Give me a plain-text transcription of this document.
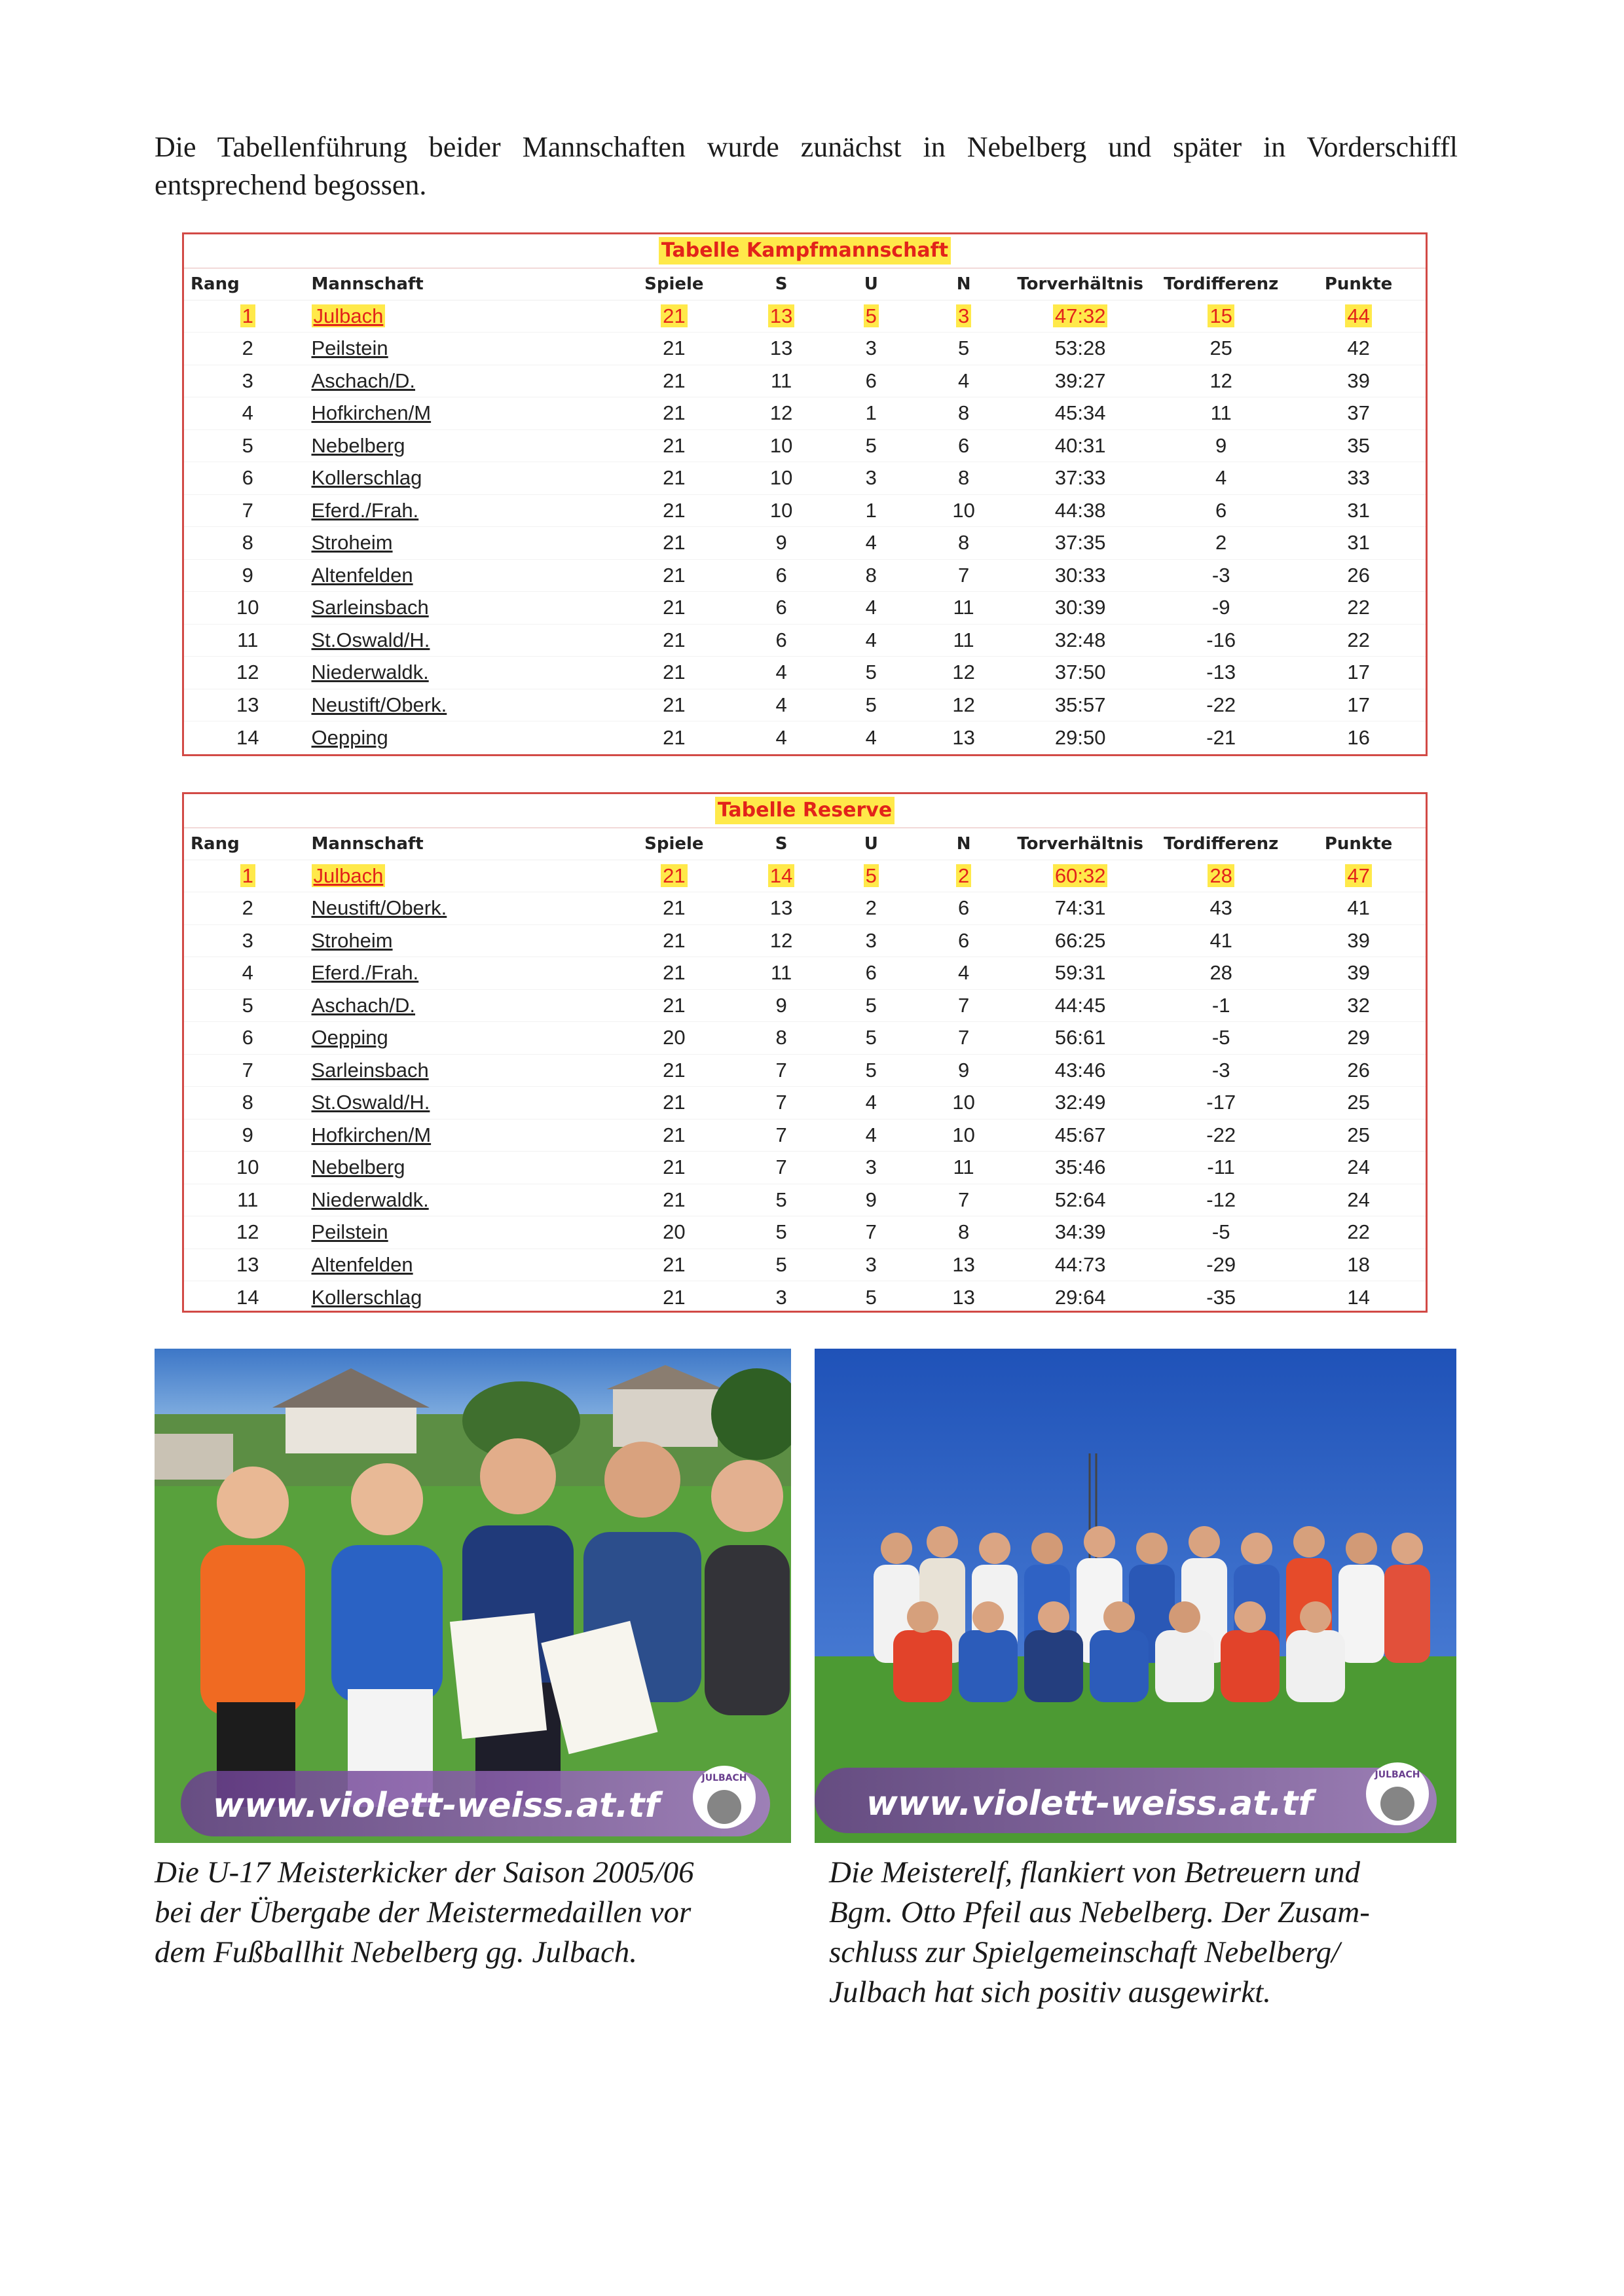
Die Tabellenführung beider Mannschaften wurde zunächst in Nebelberg und später in Vorderschiffl entsprechend begossen.

Tabelle Kampfmannschaft
Rang	Mannschaft	Spiele	S	U	N	Torverhältnis	Tordifferenz	Punkte
1	Julbach	21	13	5	3	47:32	15	44
2	Peilstein	21	13	3	5	53:28	25	42
3	Aschach/D.	21	11	6	4	39:27	12	39
4	Hofkirchen/M	21	12	1	8	45:34	11	37
5	Nebelberg	21	10	5	6	40:31	9	35
6	Kollerschlag	21	10	3	8	37:33	4	33
7	Eferd./Frah.	21	10	1	10	44:38	6	31
8	Stroheim	21	9	4	8	37:35	2	31
9	Altenfelden	21	6	8	7	30:33	-3	26
10	Sarleinsbach	21	6	4	11	30:39	-9	22
11	St.Oswald/H.	21	6	4	11	32:48	-16	22
12	Niederwaldk.	21	4	5	12	37:50	-13	17
13	Neustift/Oberk.	21	4	5	12	35:57	-22	17
14	Oepping	21	4	4	13	29:50	-21	16
Tabelle Reserve
Rang	Mannschaft	Spiele	S	U	N	Torverhältnis	Tordifferenz	Punkte
1	Julbach	21	14	5	2	60:32	28	47
2	Neustift/Oberk.	21	13	2	6	74:31	43	41
3	Stroheim	21	12	3	6	66:25	41	39
4	Eferd./Frah.	21	11	6	4	59:31	28	39
5	Aschach/D.	21	9	5	7	44:45	-1	32
6	Oepping	20	8	5	7	56:61	-5	29
7	Sarleinsbach	21	7	5	9	43:46	-3	26
8	St.Oswald/H.	21	7	4	10	32:49	-17	25
9	Hofkirchen/M	21	7	4	10	45:67	-22	25
10	Nebelberg	21	7	3	11	35:46	-11	24
11	Niederwaldk.	21	5	9	7	52:64	-12	24
12	Peilstein	20	5	7	8	34:39	-5	22
13	Altenfelden	21	5	3	13	44:73	-29	18
14	Kollerschlag	21	3	5	13	29:64	-35	14
www.violett-weiss.at.tf
JULBACH
www.violett-weiss.at.tf
JULBACH
Die U-17 Meisterkicker der Saison 2005/06
bei der Übergabe der Meistermedaillen vor
dem Fußballhit Nebelberg gg. Julbach.
Die Meisterelf, flankiert von Betreuern und
Bgm. Otto Pfeil aus Nebelberg. Der Zusam-
schluss zur Spielgemeinschaft Nebelberg/
Julbach hat sich positiv ausgewirkt.
